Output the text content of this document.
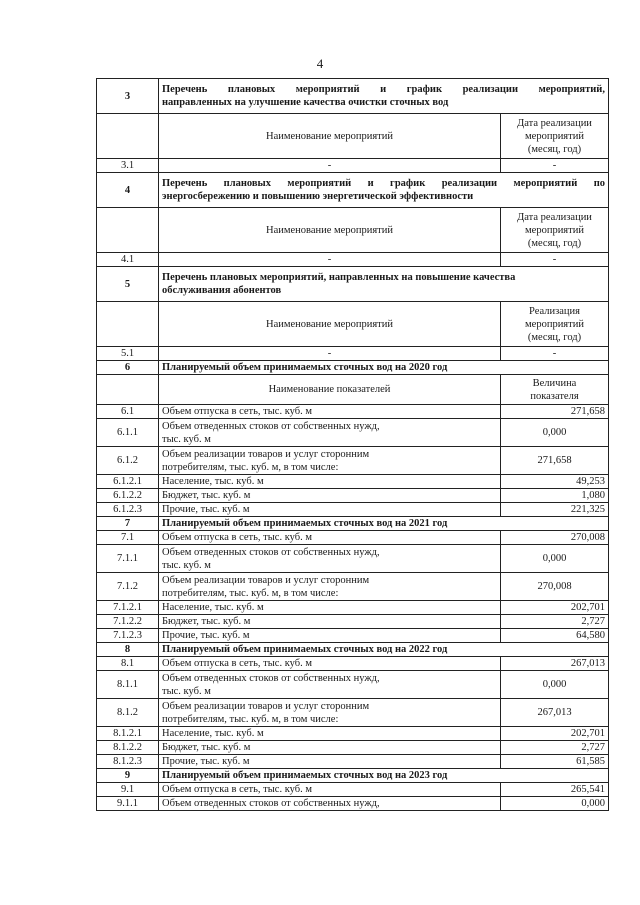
4
3	Перечень плановых мероприятий и график реализации мероприятий,
направленных на улучшение качества очистки сточных вод	

	Наименование мероприятий	Дата реализации
мероприятий
(месяц, год)

3.1	-	-
4	Перечень плановых мероприятий и график реализации мероприятий по
энергосбережению и повышению энергетической эффективности	

	Наименование мероприятий	Дата реализации
мероприятий
(месяц, год)

4.1	-	-
5	Перечень плановых мероприятий, направленных на повышение качества
обслуживания абонентов	

	Наименование мероприятий	Реализация
мероприятий
(месяц, год)

5.1	-	-
6	Планируемый объем принимаемых сточных вод на 2020 год	
	Наименование показателей	Величина
показателя

6.1	Объем отпуска в сеть, тыс. куб. м	271,658
6.1.1	Объем отведенных стоков от собственных нужд,
тыс. куб. м	0,000
6.1.2	Объем реализации товаров и услуг сторонним
потребителям, тыс. куб. м, в том числе:	271,658
6.1.2.1	Население, тыс. куб. м	49,253
6.1.2.2	Бюджет, тыс. куб. м	1,080
6.1.2.3	Прочие, тыс. куб. м	221,325
7	Планируемый объем принимаемых сточных вод на 2021 год	
7.1	Объем отпуска в сеть, тыс. куб. м	270,008
7.1.1	Объем отведенных стоков от собственных нужд,
тыс. куб. м	0,000
7.1.2	Объем реализации товаров и услуг сторонним
потребителям, тыс. куб. м, в том числе:	270,008
7.1.2.1	Население, тыс. куб. м	202,701
7.1.2.2	Бюджет, тыс. куб. м	2,727
7.1.2.3	Прочие, тыс. куб. м	64,580
8	Планируемый объем принимаемых сточных вод на 2022 год	
8.1	Объем отпуска в сеть, тыс. куб. м	267,013
8.1.1	Объем отведенных стоков от собственных нужд,
тыс. куб. м	0,000
8.1.2	Объем реализации товаров и услуг сторонним
потребителям, тыс. куб. м, в том числе:	267,013
8.1.2.1	Население, тыс. куб. м	202,701
8.1.2.2	Бюджет, тыс. куб. м	2,727
8.1.2.3	Прочие, тыс. куб. м	61,585
9	Планируемый объем принимаемых сточных вод на 2023 год	
9.1	Объем отпуска в сеть, тыс. куб. м	265,541
9.1.1	Объем отведенных стоков от собственных нужд,	0,000
